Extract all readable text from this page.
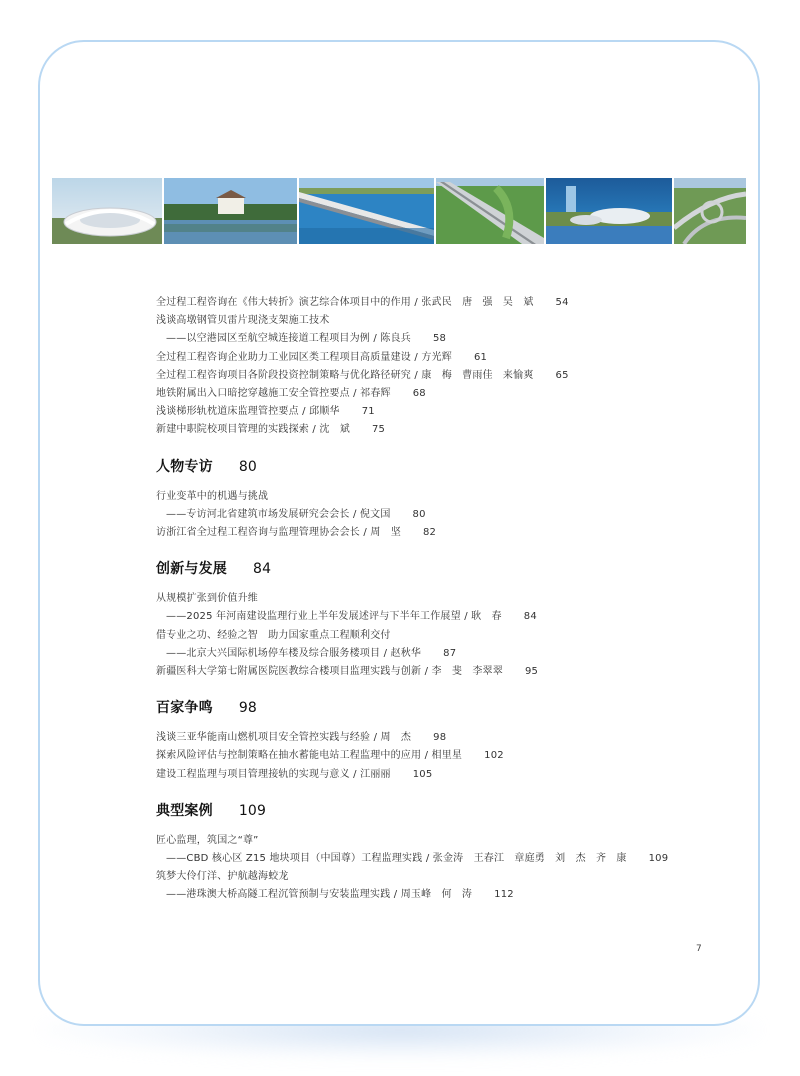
全过程工程咨询在《伟大转折》演艺综合体项目中的作用 / 张武民　唐　强　吴　斌 54
浅谈高墩钢管贝雷片现浇支架施工技术
——以空港园区至航空城连接道工程项目为例 / 陈良兵 58
全过程工程咨询企业助力工业园区类工程项目高质量建设 / 方光辉 61
全过程工程咨询项目各阶段投资控制策略与优化路径研究 / 康　梅　曹雨佳　来愉爽 65
地铁附属出入口暗挖穿越施工安全管控要点 / 祁春辉 68
浅谈梯形轨枕道床监理管控要点 / 邱顺华 71
新建中职院校项目管理的实践探索 / 沈　斌 75
人物专访 80
行业变革中的机遇与挑战
——专访河北省建筑市场发展研究会会长 / 倪文国 80
访浙江省全过程工程咨询与监理管理协会会长 / 周　坚 82
创新与发展 84
从规模扩张到价值升维
——2025 年河南建设监理行业上半年发展述评与下半年工作展望 / 耿　春 84
借专业之功、经验之智　助力国家重点工程顺利交付
——北京大兴国际机场停车楼及综合服务楼项目 / 赵秋华 87
新疆医科大学第七附属医院医教综合楼项目监理实践与创新 / 李　斐　李翠翠 95
百家争鸣 98
浅谈三亚华能南山燃机项目安全管控实践与经验 / 周　杰 98
探索风险评估与控制策略在抽水蓄能电站工程监理中的应用 / 相里星 102
建设工程监理与项目管理接轨的实现与意义 / 江丽丽 105
典型案例 109
匠心监理，筑国之“尊”
——CBD 核心区 Z15 地块项目（中国尊）工程监理实践 / 张金涛　王春江　章庭勇　刘　杰　齐　康 109
筑梦大伶仃洋、护航越海蛟龙
——港珠澳大桥高隧工程沉管预制与安装监理实践 / 周玉峰　何　涛 112
7
